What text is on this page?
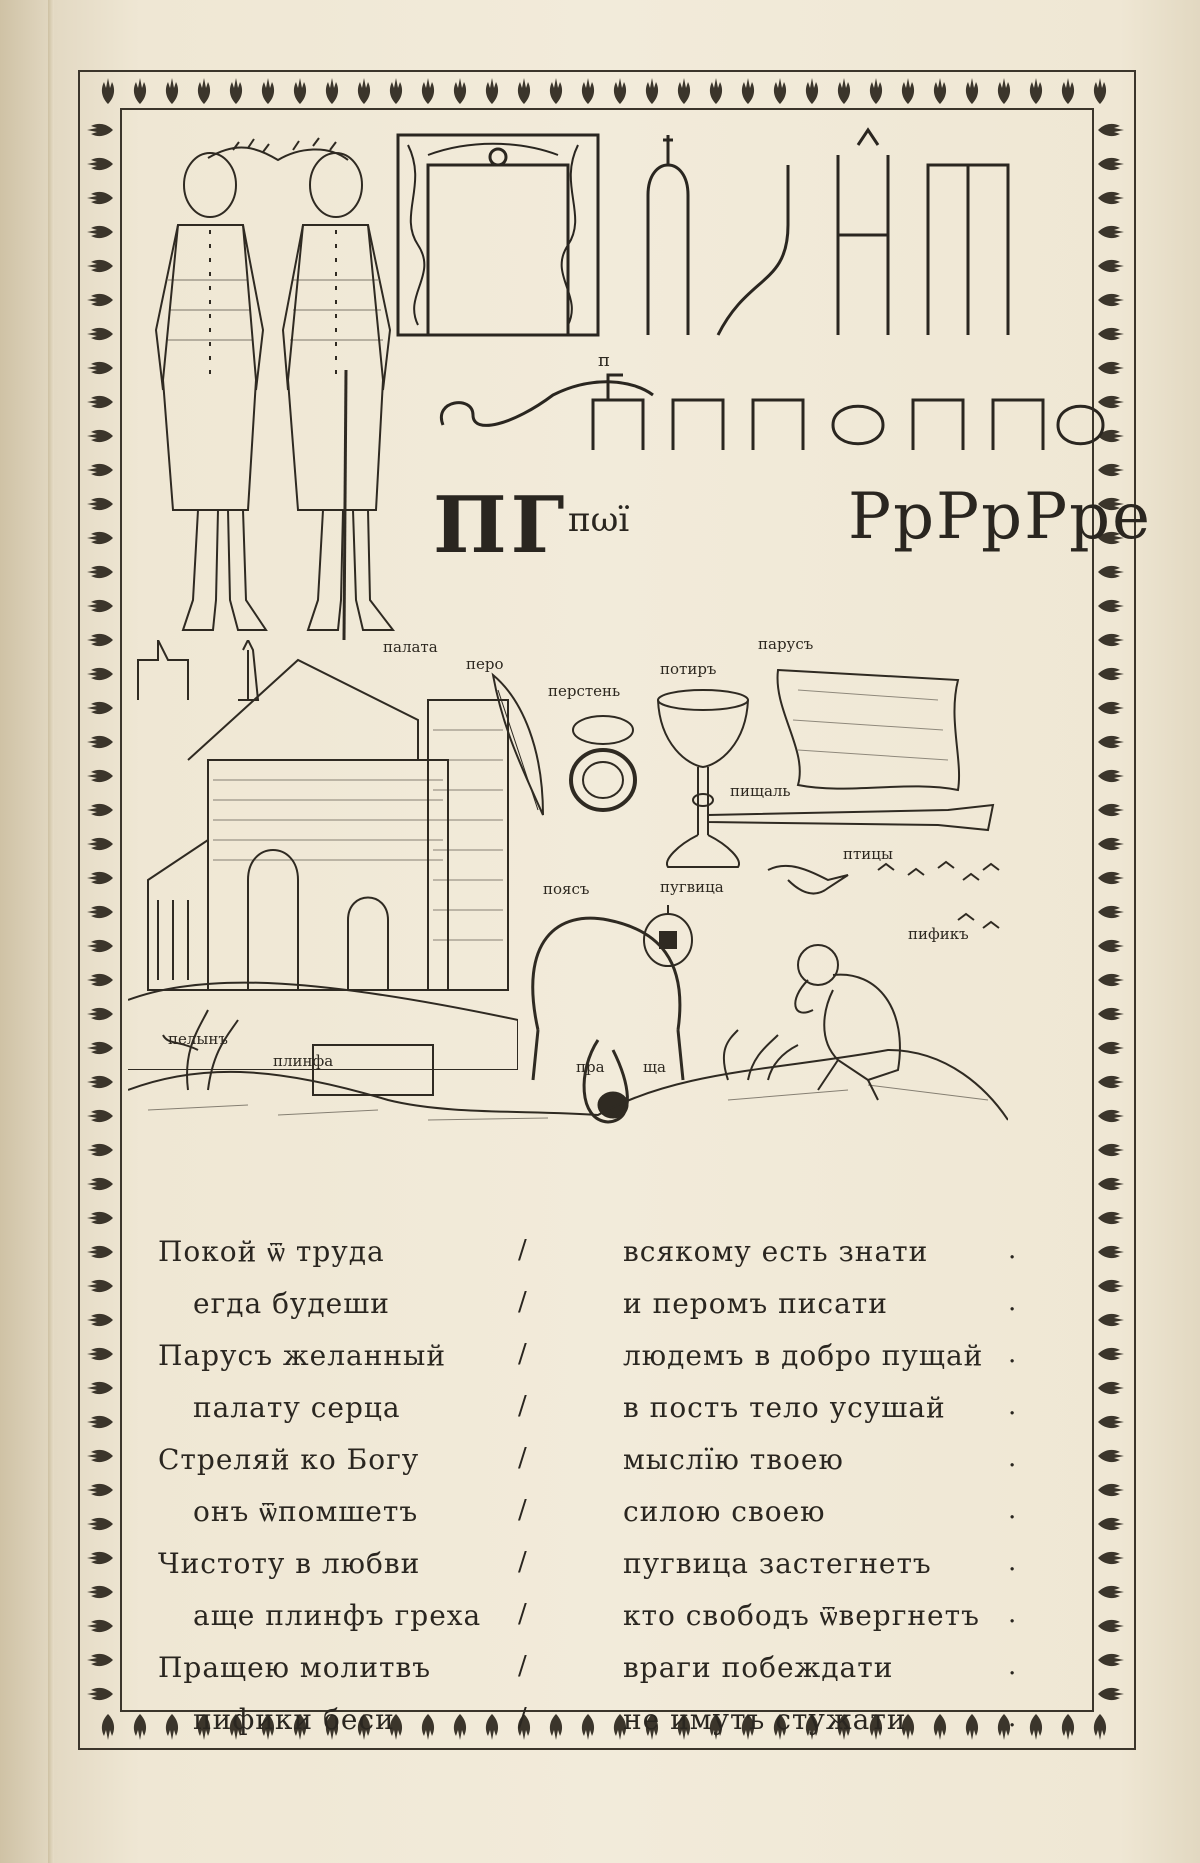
п
ПГ пωї	РрРрРре
палата
перо
перстень
потиръ
парусъ
пищаль
птицы
поясъ	пугвица
пра	ща
пификъ
пелынъ
плинфа
Покой ѿ труда	/	всякому есть знати	.
егда будеши	/	и перомъ писати	.
Парусъ желанный	/	людемъ в добро пущай .
палату серца	/	в постъ тело усушай .
Стреляй ко Богу	/	мыслїю твоею	.
онъ ѿпомшетъ	/	силою своею	.
Чистоту в любви	/	пугвица застегнетъ	.
аще плинфъ греха /	кто свободъ ѿвергнетъ .
Пращею молитвъ	/	враги побеждати	.
пифики беси	/	не имутъ стужати	.
